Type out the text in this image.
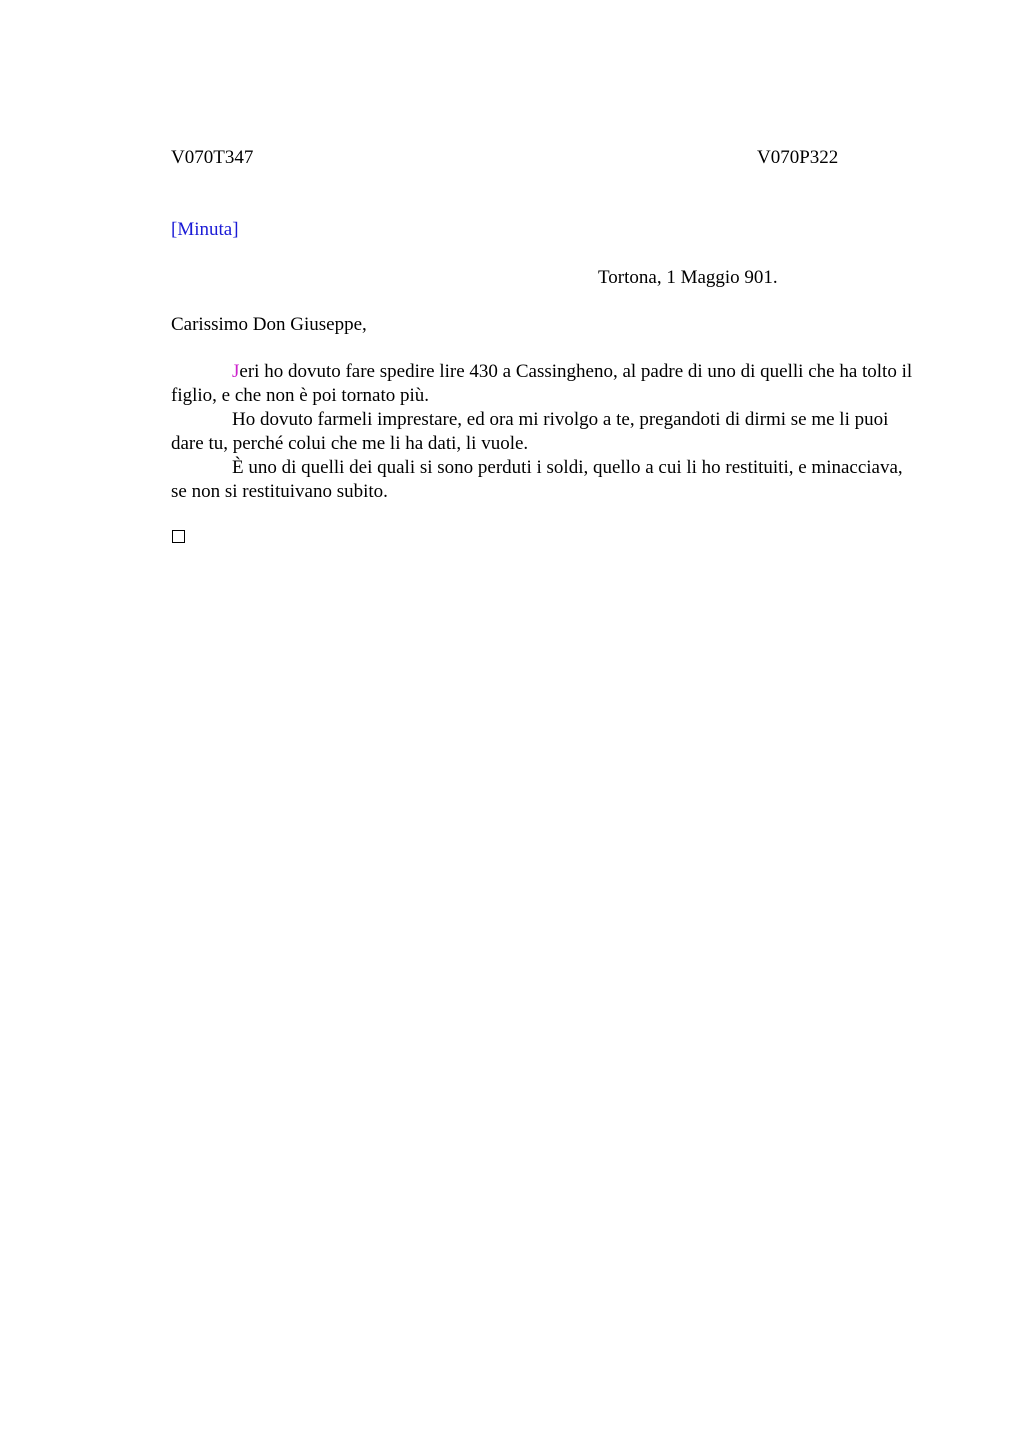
V070T347	V070P322
[Minuta]
Tortona, 1 Maggio 901.
Carissimo Don Giuseppe,

Jeri ho dovuto fare spedire lire 430 a Cassingheno, al padre di uno di quelli che ha tolto il figlio, e che non è poi tornato più.

Ho dovuto farmeli imprestare, ed ora mi rivolgo a te, pregandoti di dirmi se me li puoi dare tu, perché colui che me li ha dati, li vuole.

È uno di quelli dei quali si sono perduti i soldi, quello a cui li ho restituiti, e minacciava, se non si restituivano subito.
